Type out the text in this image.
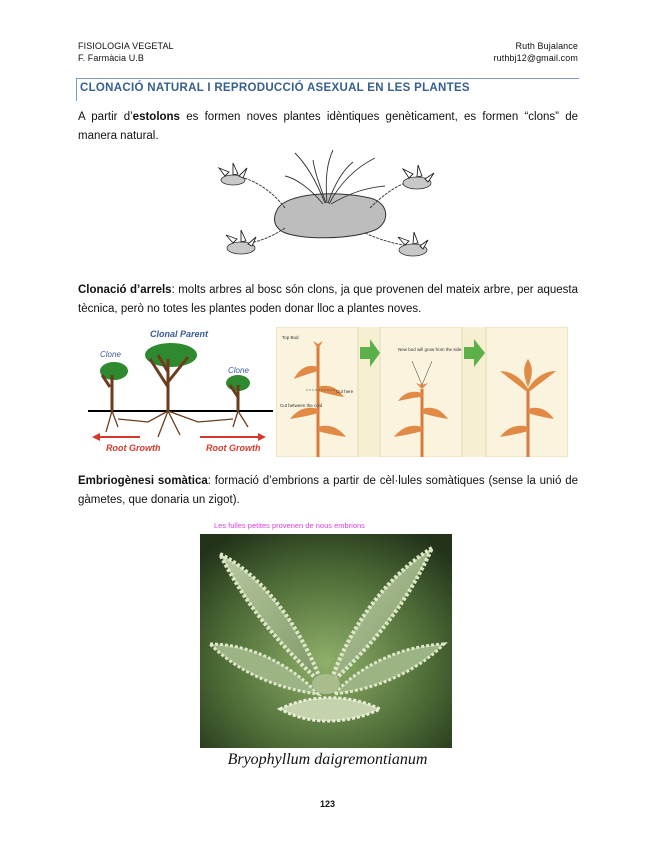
FISIOLOGIA VEGETAL
F. Farmàcia U.B
Ruth Bujalance
ruthbj12@gmail.com
CLONACIÓ NATURAL I REPRODUCCIÓ ASEXUAL EN LES PLANTES
A partir d’estolons es formen noves plantes idèntiques genèticament, es formen “clons” de manera natural.
Clonació d’arrels: molts arbres al bosc són clons, ja que provenen del mateix arbre, per aquesta tècnica, però no totes les plantes poden donar lloc a plantes noves.
Clonal Parent
Clone
Clone
Root Growth	Root Growth
Top Bud
Cut here
Cut between the cold
New bud will grow from the side
Embriogènesi somàtica: formació d’embrions a partir de cèl·lules somàtiques (sense la unió de gàmetes, que donaria un zigot).
Les fulles petites provenen de nous embrions
Bryophyllum daigremontianum
123
